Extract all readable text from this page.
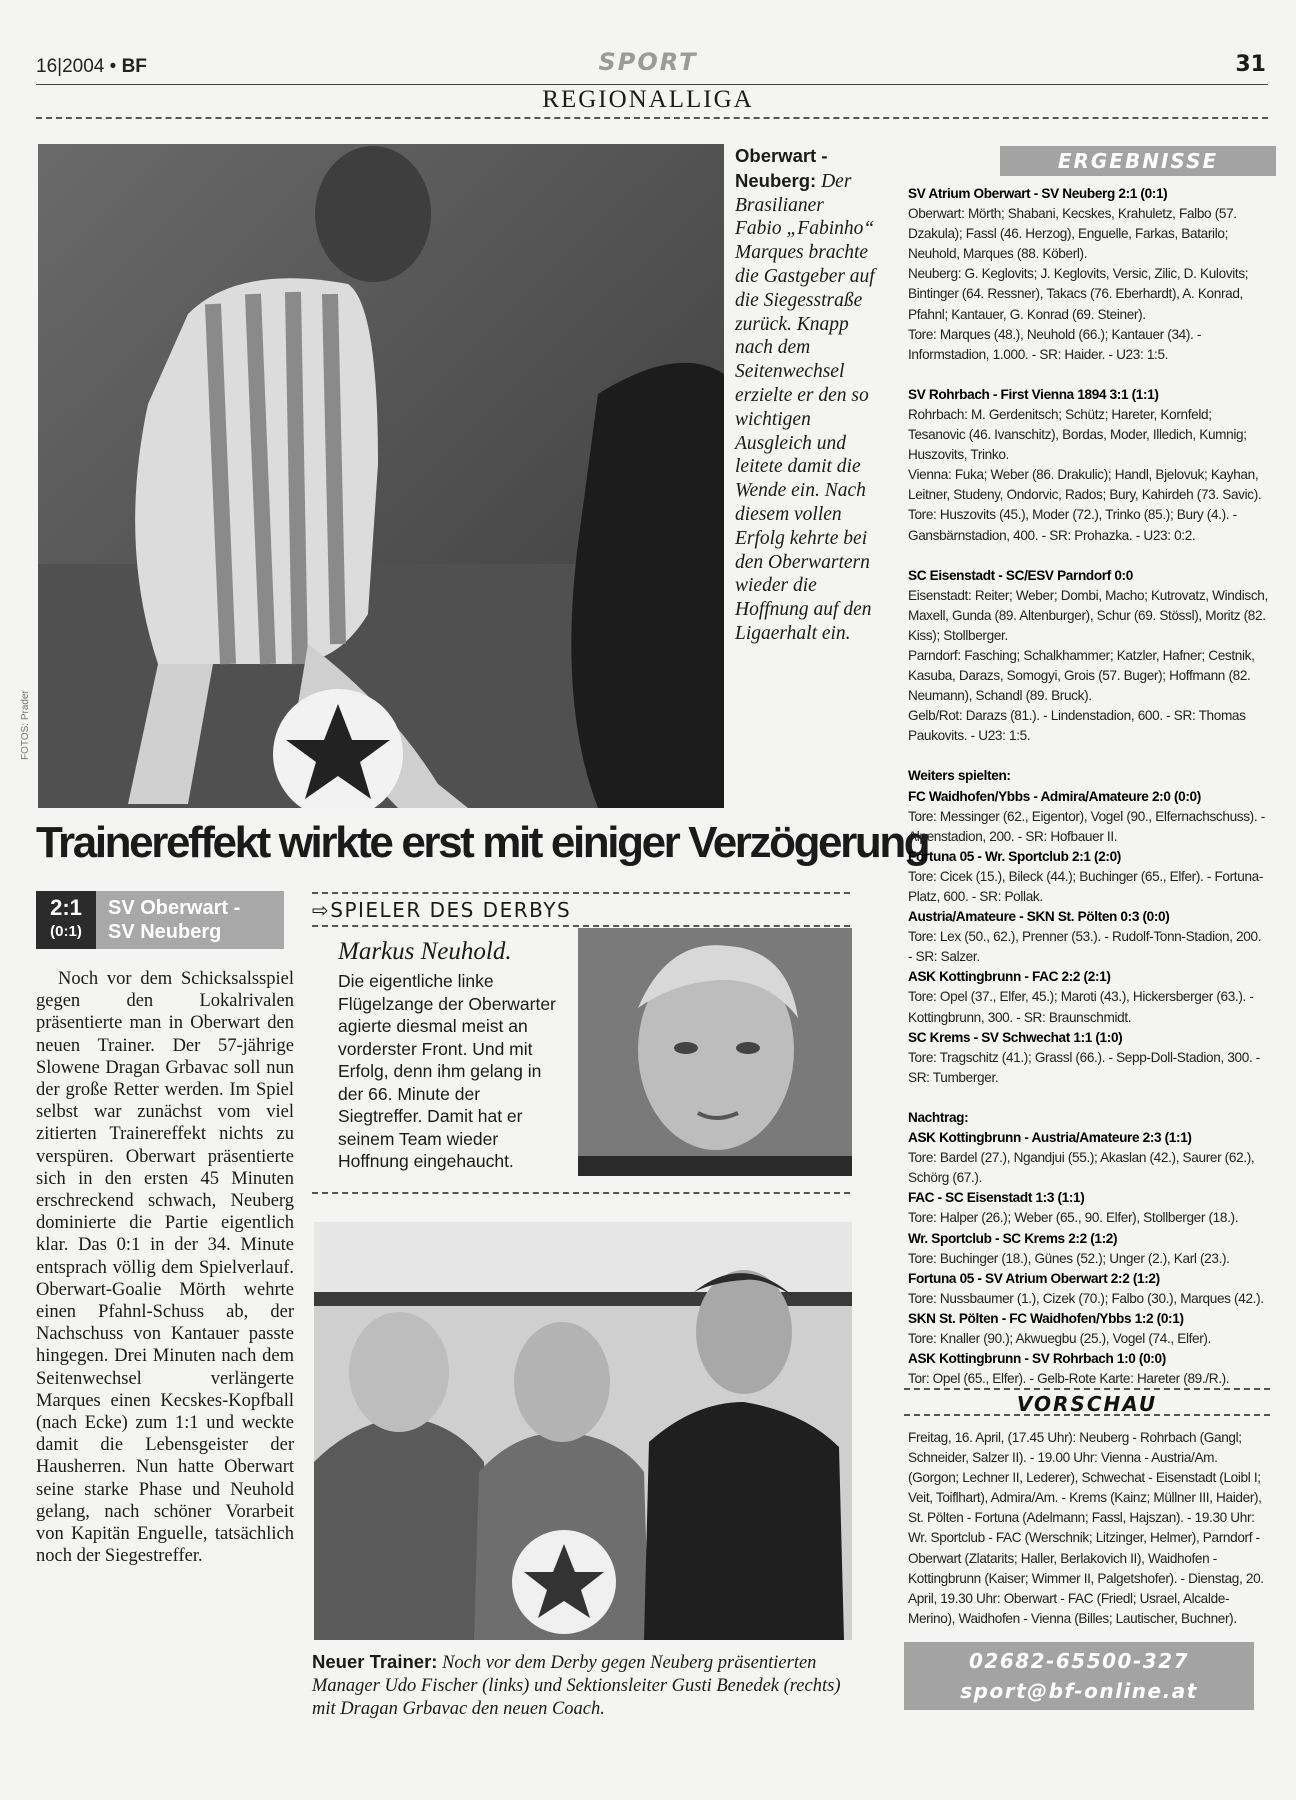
16|2004 • BF	SPORT	31
REGIONALLIGA
FOTOS: Prader
Oberwart - Neuberg: Der Brasilianer Fabio „Fabinho“ Marques brachte die Gastgeber auf die Siegesstraße zurück. Knapp nach dem Seitenwechsel erzielte er den so wichtigen Ausgleich und leitete damit die Wende ein. Nach diesem vollen Erfolg kehrte bei den Oberwartern wieder die Hoffnung auf den Ligaerhalt ein.
Trainereffekt wirkte erst mit einiger Verzögerung
2:1
(0:1)
SV Oberwart -
SV Neuberg

Noch vor dem Schicksalsspiel gegen den Lokalrivalen präsentierte man in Oberwart den neuen Trainer. Der 57-jährige Slowene Dragan Grbavac soll nun der große Retter werden. Im Spiel selbst war zunächst vom viel zitierten Trainereffekt nichts zu verspüren. Oberwart präsentierte sich in den ersten 45 Minuten erschreckend schwach, Neuberg dominierte die Partie eigentlich klar. Das 0:1 in der 34. Minute entsprach völlig dem Spielverlauf. Oberwart-Goalie Mörth wehrte einen Pfahnl-Schuss ab, der Nachschuss von Kantauer passte hingegen. Drei Minuten nach dem Seitenwechsel verlängerte Marques einen Kecskes-Kopfball (nach Ecke) zum 1:1 und weckte damit die Lebensgeister der Hausherren. Nun hatte Oberwart seine starke Phase und Neuhold gelang, nach schöner Vorarbeit von Kapitän Enguelle, tatsächlich noch der Siegestreffer.

⇨SPIELER DES DERBYS
Markus Neuhold.
Die eigentliche linke Flügelzange der Oberwarter agierte diesmal meist an vorderster Front. Und mit Erfolg, denn ihm gelang in der 66. Minute der Siegtreffer. Damit hat er seinem Team wieder Hoffnung eingehaucht.
Neuer Trainer: Noch vor dem Derby gegen Neuberg präsentierten Manager Udo Fischer (links) und Sektionsleiter Gusti Benedek (rechts) mit Dragan Grbavac den neuen Coach.
ERGEBNISSE

SV Atrium Oberwart - SV Neuberg 2:1 (0:1)

Oberwart: Mörth; Shabani, Kecskes, Krahuletz, Falbo (57. Dzakula); Fassl (46. Herzog), Enguelle, Farkas, Batarilo; Neuhold, Marques (88. Köberl).

Neuberg: G. Keglovits; J. Keglovits, Versic, Zilic, D. Kulovits; Bintinger (64. Ressner), Takacs (76. Eberhardt), A. Konrad, Pfahnl; Kantauer, G. Konrad (69. Steiner).

Tore: Marques (48.), Neuhold (66.); Kantauer (34). - Informstadion, 1.000. - SR: Haider. - U23: 1:5.

SV Rohrbach - First Vienna 1894 3:1 (1:1)

Rohrbach: M. Gerdenitsch; Schütz; Hareter, Kornfeld; Tesanovic (46. Ivanschitz), Bordas, Moder, Illedich, Kumnig; Huszovits, Trinko.

Vienna: Fuka; Weber (86. Drakulic); Handl, Bjelovuk; Kayhan, Leitner, Studeny, Ondorvic, Rados; Bury, Kahirdeh (73. Savic).

Tore: Huszovits (45.), Moder (72.), Trinko (85.); Bury (4.). - Gansbärnstadion, 400. - SR: Prohazka. - U23: 0:2.

SC Eisenstadt - SC/ESV Parndorf 0:0

Eisenstadt: Reiter; Weber; Dombi, Macho; Kutrovatz, Windisch, Maxell, Gunda (89. Altenburger), Schur (69. Stössl), Moritz (82. Kiss); Stollberger.

Parndorf: Fasching; Schalkhammer; Katzler, Hafner; Cestnik, Kasuba, Darazs, Somogyi, Grois (57. Buger); Hoffmann (82. Neumann), Schandl (89. Bruck).

Gelb/Rot: Darazs (81.). - Lindenstadion, 600. - SR: Thomas Paukovits. - U23: 1:5.

Weiters spielten:

FC Waidhofen/Ybbs - Admira/Amateure 2:0 (0:0)

Tore: Messinger (62., Eigentor), Vogel (90., Elfernachschuss). - Alpenstadion, 200. - SR: Hofbauer II.

Fortuna 05 - Wr. Sportclub 2:1 (2:0)

Tore: Cicek (15.), Bileck (44.); Buchinger (65., Elfer). - Fortuna-Platz, 600. - SR: Pollak.

Austria/Amateure - SKN St. Pölten 0:3 (0:0)

Tore: Lex (50., 62.), Prenner (53.). - Rudolf-Tonn-Stadion, 200. - SR: Salzer.

ASK Kottingbrunn - FAC 2:2 (2:1)

Tore: Opel (37., Elfer, 45.); Maroti (43.), Hickersberger (63.). - Kottingbrunn, 300. - SR: Braunschmidt.

SC Krems - SV Schwechat 1:1 (1:0)

Tore: Tragschitz (41.); Grassl (66.). - Sepp-Doll-Stadion, 300. - SR: Tumberger.

Nachtrag:

ASK Kottingbrunn - Austria/Amateure 2:3 (1:1)

Tore: Bardel (27.), Ngandjui (55.); Akaslan (42.), Saurer (62.), Schörg (67.).

FAC - SC Eisenstadt 1:3 (1:1)

Tore: Halper (26.); Weber (65., 90. Elfer), Stollberger (18.).

Wr. Sportclub - SC Krems 2:2 (1:2)

Tore: Buchinger (18.), Günes (52.); Unger (2.), Karl (23.).

Fortuna 05 - SV Atrium Oberwart 2:2 (1:2)

Tore: Nussbaumer (1.), Cizek (70.); Falbo (30.), Marques (42.).

SKN St. Pölten - FC Waidhofen/Ybbs 1:2 (0:1)

Tore: Knaller (90.); Akwuegbu (25.), Vogel (74., Elfer).

ASK Kottingbrunn - SV Rohrbach 1:0 (0:0)

Tor: Opel (65., Elfer). - Gelb-Rote Karte: Hareter (89./R.).

VORSCHAU

Freitag, 16. April, (17.45 Uhr): Neuberg - Rohrbach (Gangl; Schneider, Salzer II). - 19.00 Uhr: Vienna - Austria/Am. (Gorgon; Lechner II, Lederer), Schwechat - Eisenstadt (Loibl I; Veit, Toiflhart), Admira/Am. - Krems (Kainz; Müllner III, Haider), St. Pölten - Fortuna (Adelmann; Fassl, Hajszan). - 19.30 Uhr: Wr. Sportclub - FAC (Werschnik; Litzinger, Helmer), Parndorf - Oberwart (Zlatarits; Haller, Berlakovich II), Waidhofen - Kottingbrunn (Kaiser; Wimmer II, Palgetshofer). - Dienstag, 20. April, 19.30 Uhr: Oberwart - FAC (Friedl; Usrael, Alcalde-Merino), Waidhofen - Vienna (Billes; Lautischer, Buchner).

02682-65500-327
sport@bf-online.at
